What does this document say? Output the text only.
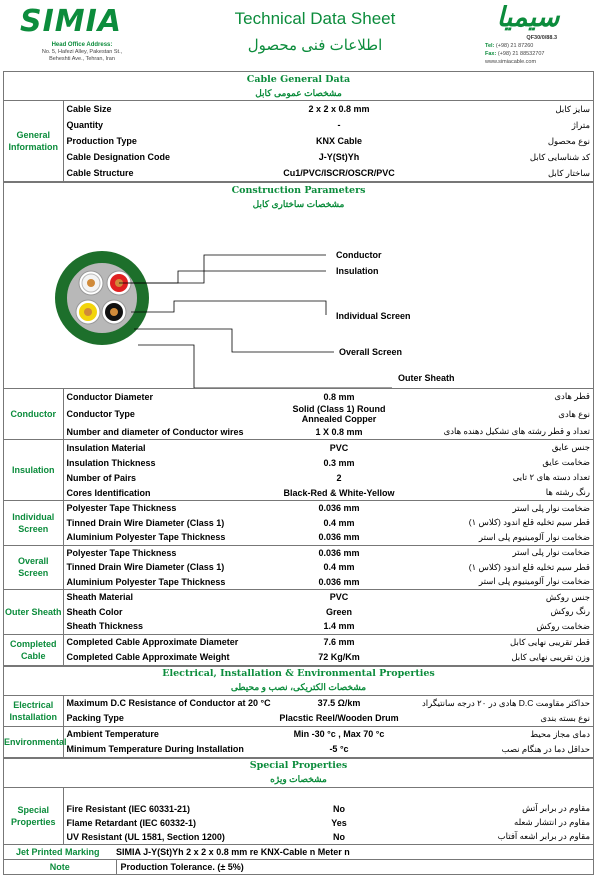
SIMIA
Head Office Address:
No. 5, Hafezi Alley, Pakestan St.,
Beheshti Ave., Tehran, Iran
Technical Data Sheet
اطلاعات فنی محصول
سیمیا
QF30/0/88.3
Tel: (+98) 21 87260
Fax: (+98) 21 88532707
www.simiacable.com
Cable General Data
مشخصات عمومی کابل
General Information	Cable Size	2 x 2 x 0.8 mm	سایز کابل
	Quantity	-	متراژ
	Production Type	KNX Cable	نوع محصول
	Cable Designation Code	J-Y(St)Yh	کد شناسایی کابل
	Cable Structure	Cu1/PVC/ISCR/OSCR/PVC	ساختار کابل
Construction Parameters
مشخصات ساختاری کابل
Conductor
Insulation
Individual Screen
Overall Screen
Outer Sheath
Conductor	Conductor Diameter	0.8 mm	قطر هادی
	Conductor Type	Solid (Class 1) Round Annealed Copper	نوع هادی
	Number and diameter of Conductor wires	1 X 0.8 mm	تعداد و قطر رشته های تشکیل دهنده هادی
Insulation	Insulation Material	PVC	جنس عایق
	Insulation Thickness	0.3 mm	ضخامت عایق
	Number of Pairs	2	تعداد دسته های ۲ تایی
	Cores Identification	Black-Red & White-Yellow	رنگ رشته ها
Individual Screen	Polyester Tape Thickness	0.036 mm	ضخامت نوار پلی استر
	Tinned Drain Wire Diameter (Class 1)	0.4 mm	قطر سیم تخلیه قلع اندود (کلاس ۱)
	Aluminium Polyester Tape Thickness	0.036 mm	ضخامت نوار آلومینیوم پلی استر
Overall Screen	Polyester Tape Thickness	0.036 mm	ضخامت نوار پلی استر
	Tinned Drain Wire Diameter (Class 1)	0.4 mm	قطر سیم تخلیه قلع اندود (کلاس ۱)
	Aluminium Polyester Tape Thickness	0.036 mm	ضخامت نوار آلومینیوم پلی استر
Outer Sheath	Sheath Material	PVC	جنس روکش
	Sheath Color	Green	رنگ روکش
	Sheath Thickness	1.4 mm	ضخامت روکش
Completed Cable	Completed Cable Approximate Diameter	7.6 mm	قطر تقریبی نهایی کابل
	Completed Cable Approximate Weight	72 Kg/Km	وزن تقریبی نهایی کابل
Electrical, Installation & Environmental Properties
مشخصات الکتریکی، نصب و محیطی
Electrical Installation	Maximum D.C Resistance of Conductor at 20 °C	37.5 Ω/km	حداکثر مقاومت D.C هادی در ۲۰ درجه سانتیگراد
	Packing Type	Placstic Reel/Wooden Drum	نوع بسته بندی
Environmental	Ambient Temperature	Min -30 °c , Max 70 °c	دمای مجاز محیط
	Minimum Temperature During Installation	-5 °c	حداقل دما در هنگام نصب
Special Properties
مشخصات ویژه
Special Properties			
	Fire Resistant (IEC 60331-21)	No	مقاوم در برابر آتش
	Flame Retardant (IEC 60332-1)	Yes	مقاوم در انتشار شعله
	UV Resistant (UL 1581, Section 1200)	No	مقاوم در برابر اشعه آفتاب
Jet Printed Marking	SIMIA J-Y(St)Yh 2 x 2 x 0.8 mm re KNX-Cable n Meter n
Note	Production Tolerance. (± 5%)
